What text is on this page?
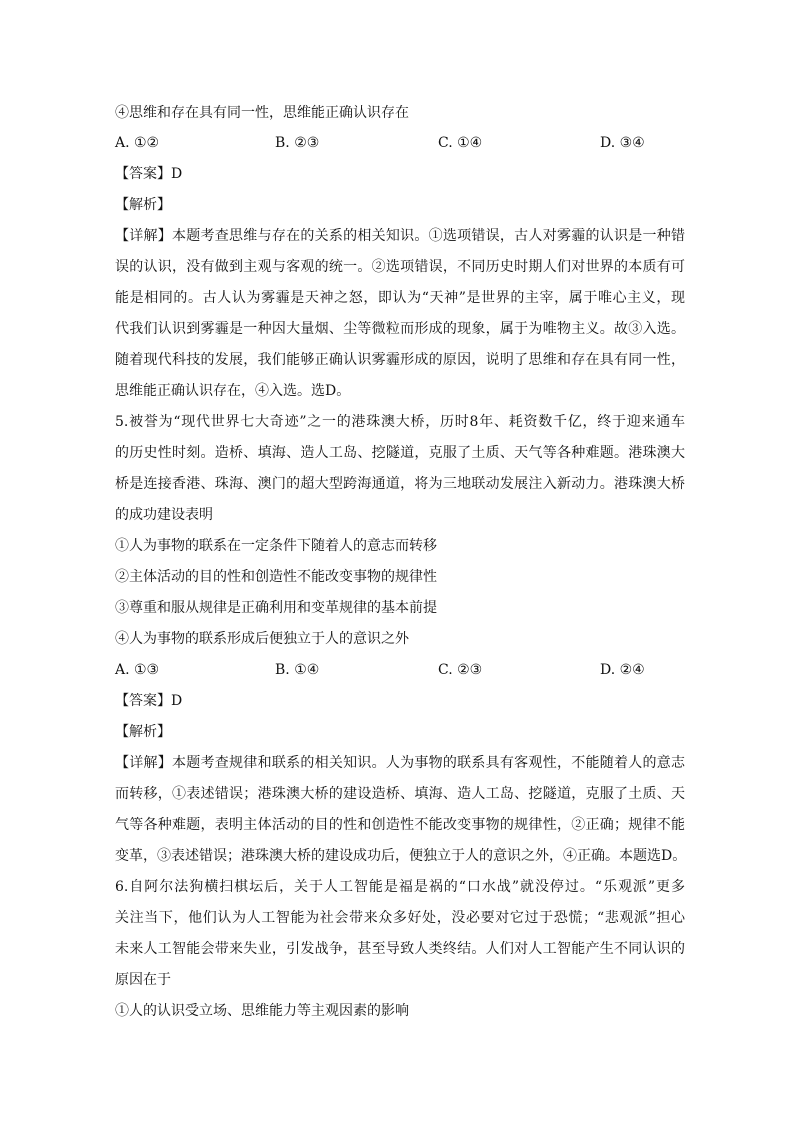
④思维和存在具有同一性，思维能正确认识存在
A. ①②	B. ②③	C. ①④	D. ③④
【答案】D
【解析】
【详解】本题考查思维与存在的关系的相关知识。①选项错误，古人对雾霾的认识是一种错
误的认识，没有做到主观与客观的统一。②选项错误，不同历史时期人们对世界的本质有可
能是相同的。古人认为雾霾是天神之怒，即认为“天神”是世界的主宰，属于唯心主义，现
代我们认识到雾霾是一种因大量烟、尘等微粒而形成的现象，属于为唯物主义。故③入选。
随着现代科技的发展，我们能够正确认识雾霾形成的原因，说明了思维和存在具有同一性，
思维能正确认识存在，④入选。选D。
5.被誉为“现代世界七大奇迹”之一的港珠澳大桥，历时8年、耗资数千亿，终于迎来通车
的历史性时刻。造桥、填海、造人工岛、挖隧道，克服了土质、天气等各种难题。港珠澳大
桥是连接香港、珠海、澳门的超大型跨海通道，将为三地联动发展注入新动力。港珠澳大桥
的成功建设表明
①人为事物的联系在一定条件下随着人的意志而转移
②主体活动的目的性和创造性不能改变事物的规律性
③尊重和服从规律是正确利用和变革规律的基本前提
④人为事物的联系形成后便独立于人的意识之外
A. ①③	B. ①④	C. ②③	D. ②④
【答案】D
【解析】
【详解】本题考查规律和联系的相关知识。人为事物的联系具有客观性，不能随着人的意志
而转移，①表述错误；港珠澳大桥的建设造桥、填海、造人工岛、挖隧道，克服了土质、天
气等各种难题，表明主体活动的目的性和创造性不能改变事物的规律性，②正确；规律不能
变革，③表述错误；港珠澳大桥的建设成功后，便独立于人的意识之外，④正确。本题选D。
6.自阿尔法狗横扫棋坛后，关于人工智能是福是祸的“口水战”就没停过。“乐观派”更多
关注当下，他们认为人工智能为社会带来众多好处，没必要对它过于恐慌；“悲观派”担心
未来人工智能会带来失业，引发战争，甚至导致人类终结。人们对人工智能产生不同认识的
原因在于
①人的认识受立场、思维能力等主观因素的影响
